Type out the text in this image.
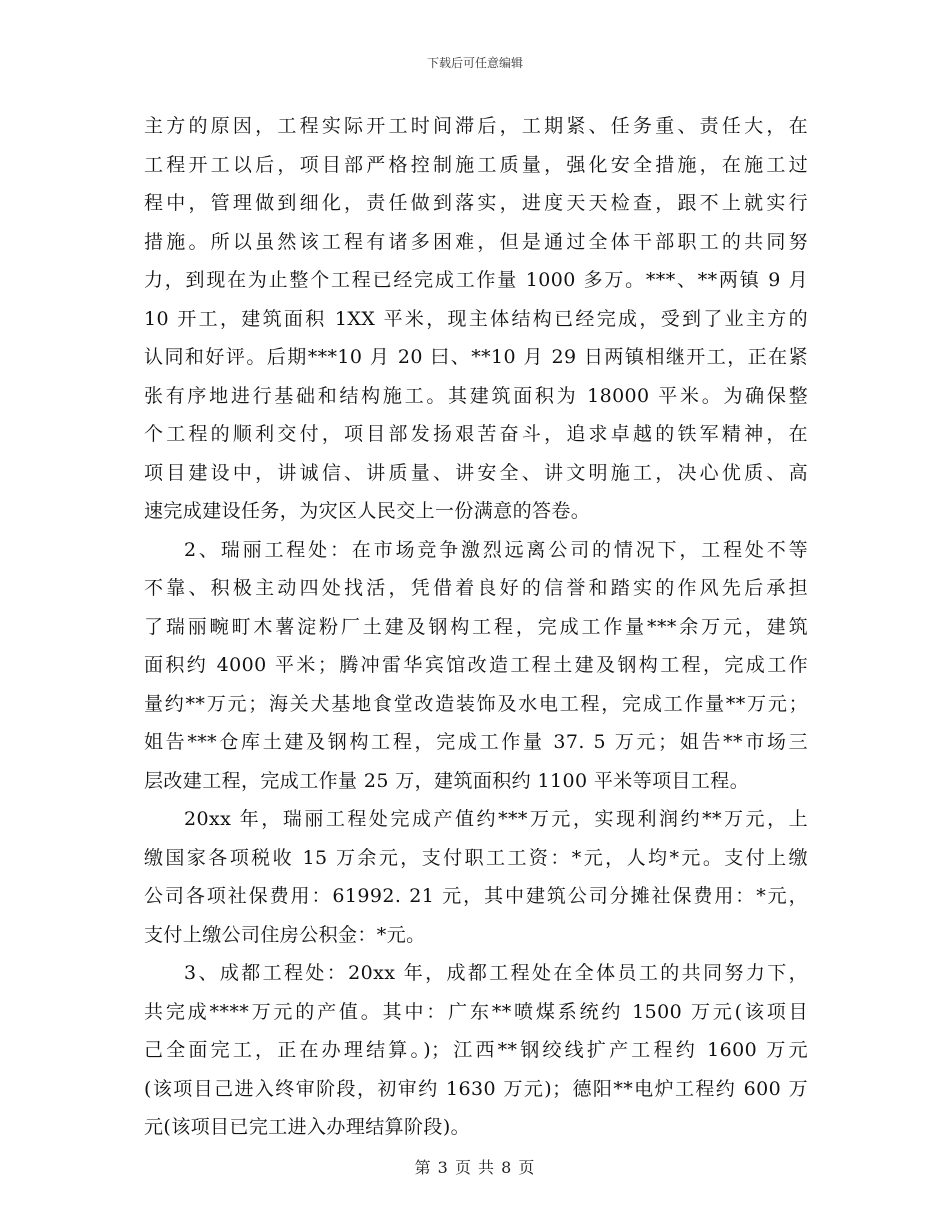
下载后可任意编辑
主方的原因，工程实际开工时间滞后，工期紧、任务重、责任大，在
工程开工以后，项目部严格控制施工质量，强化安全措施，在施工过
程中，管理做到细化，责任做到落实，进度天天检查，跟不上就实行
措施。所以虽然该工程有诸多困难，但是通过全体干部职工的共同努
力，到现在为止整个工程已经完成工作量 1000 多万。***、**两镇 9 月
10 开工，建筑面积 1XX 平米，现主体结构已经完成，受到了业主方的
认同和好评。后期***10 月 20 曰、**10 月 29 日两镇相继开工，正在紧
张有序地进行基础和结构施工。其建筑面积为 18000 平米。为确保整
个工程的顺利交付，项目部发扬艰苦奋斗，追求卓越的铁军精神，在
项目建设中，讲诚信、讲质量、讲安全、讲文明施工，决心优质、高
速完成建设任务，为灾区人民交上一份满意的答卷。
2、瑞丽工程处：在市场竞争激烈远离公司的情况下，工程处不等
不靠、积极主动四处找活，凭借着良好的信誉和踏实的作风先后承担
了瑞丽畹町木薯淀粉厂土建及钢构工程，完成工作量***余万元，建筑
面积约 4000 平米；腾冲雷华宾馆改造工程土建及钢构工程，完成工作
量约**万元；海关犬基地食堂改造装饰及水电工程，完成工作量**万元；
姐告***仓库土建及钢构工程，完成工作量 37. 5 万元；姐告**市场三
层改建工程，完成工作量 25 万，建筑面积约 1100 平米等项目工程。
20xx 年，瑞丽工程处完成产值约***万元，实现利润约**万元，上
缴国家各项税收 15 万余元，支付职工工资：*元，人均*元。支付上缴
公司各项社保费用：61992. 21 元，其中建筑公司分摊社保费用：*元，
支付上缴公司住房公积金：*元。
3、成都工程处：20xx 年，成都工程处在全体员工的共同努力下，
共完成****万元的产值。其中：广东**喷煤系统约 1500 万元(该项目
己全面完工，正在办理结算。)；江西**钢绞线扩产工程约 1600 万元
(该项目己进入终审阶段，初审约 1630 万元)；德阳**电炉工程约 600 万
元(该项目已完工进入办理结算阶段)。
第 3 页 共 8 页
